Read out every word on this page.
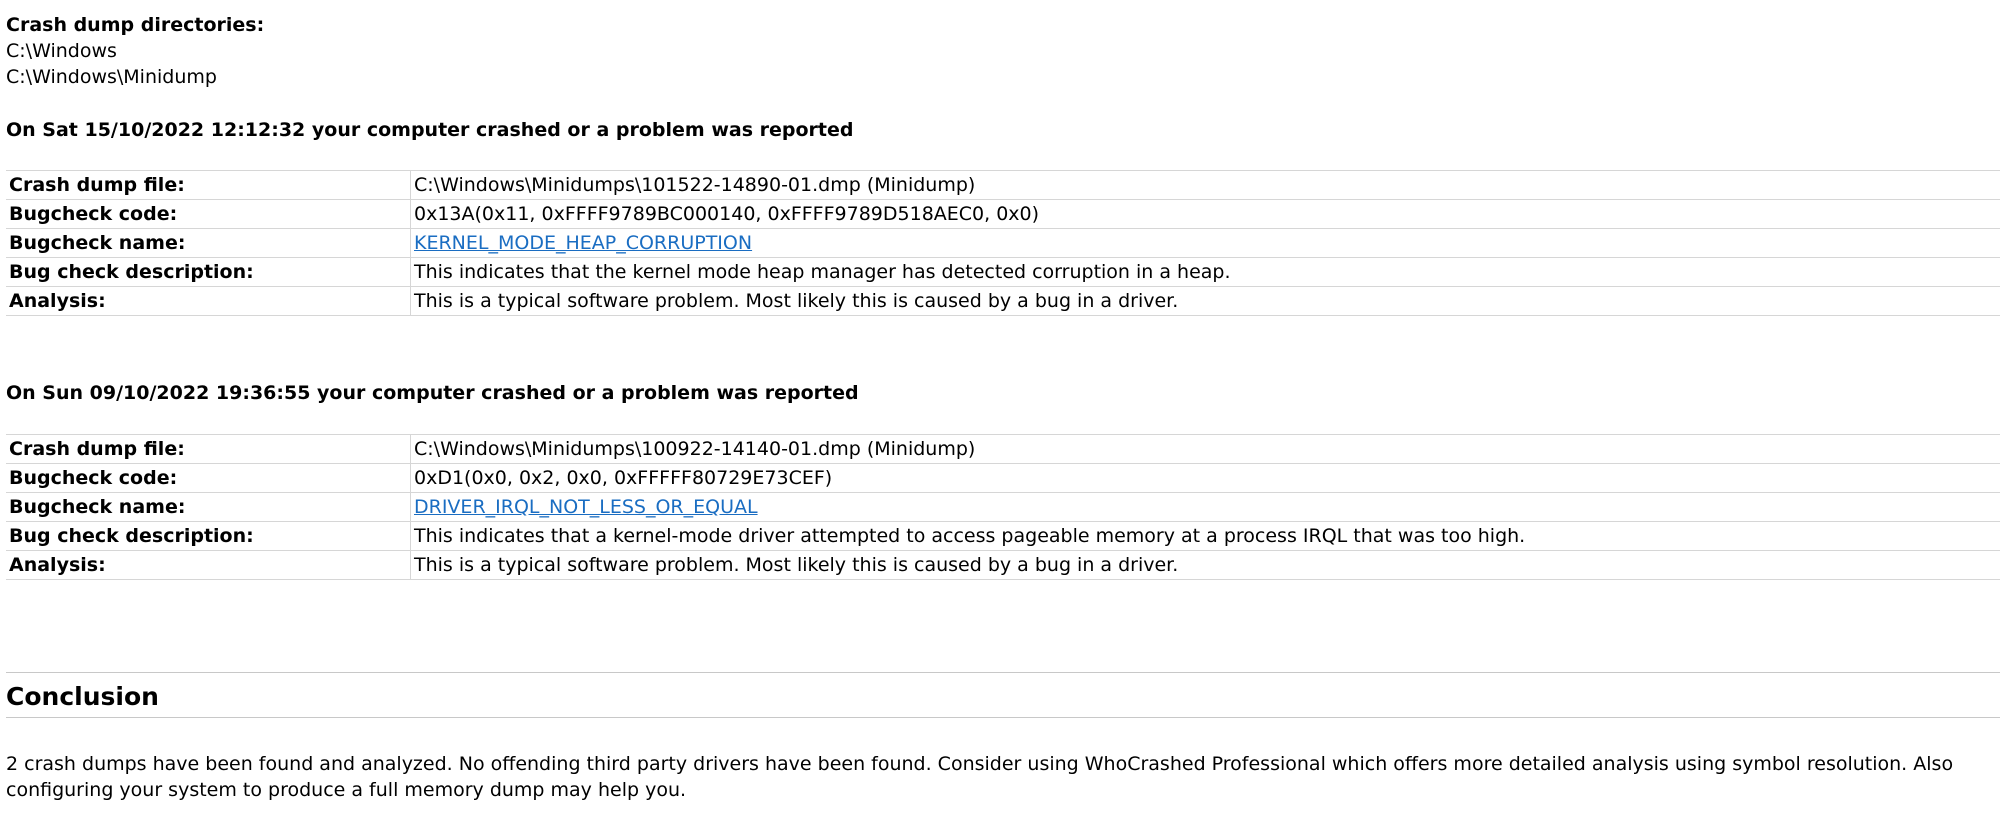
Crash dump directories:
C:\Windows
C:\Windows\Minidump
On Sat 15/10/2022 12:12:32 your computer crashed or a problem was reported
Crash dump file:	C:\Windows\Minidumps\101522-14890-01.dmp (Minidump)
Bugcheck code:	0x13A(0x11, 0xFFFF9789BC000140, 0xFFFF9789D518AEC0, 0x0)
Bugcheck name:	KERNEL_MODE_HEAP_CORRUPTION
Bug check description:	This indicates that the kernel mode heap manager has detected corruption in a heap.
Analysis:	This is a typical software problem. Most likely this is caused by a bug in a driver.
On Sun 09/10/2022 19:36:55 your computer crashed or a problem was reported
Crash dump file:	C:\Windows\Minidumps\100922-14140-01.dmp (Minidump)
Bugcheck code:	0xD1(0x0, 0x2, 0x0, 0xFFFFF80729E73CEF)
Bugcheck name:	DRIVER_IRQL_NOT_LESS_OR_EQUAL
Bug check description:	This indicates that a kernel-mode driver attempted to access pageable memory at a process IRQL that was too high.
Analysis:	This is a typical software problem. Most likely this is caused by a bug in a driver.
Conclusion
2 crash dumps have been found and analyzed. No offending third party drivers have been found. Consider using WhoCrashed Professional which offers more detailed analysis using symbol resolution. Also configuring your system to produce a full memory dump may help you.
